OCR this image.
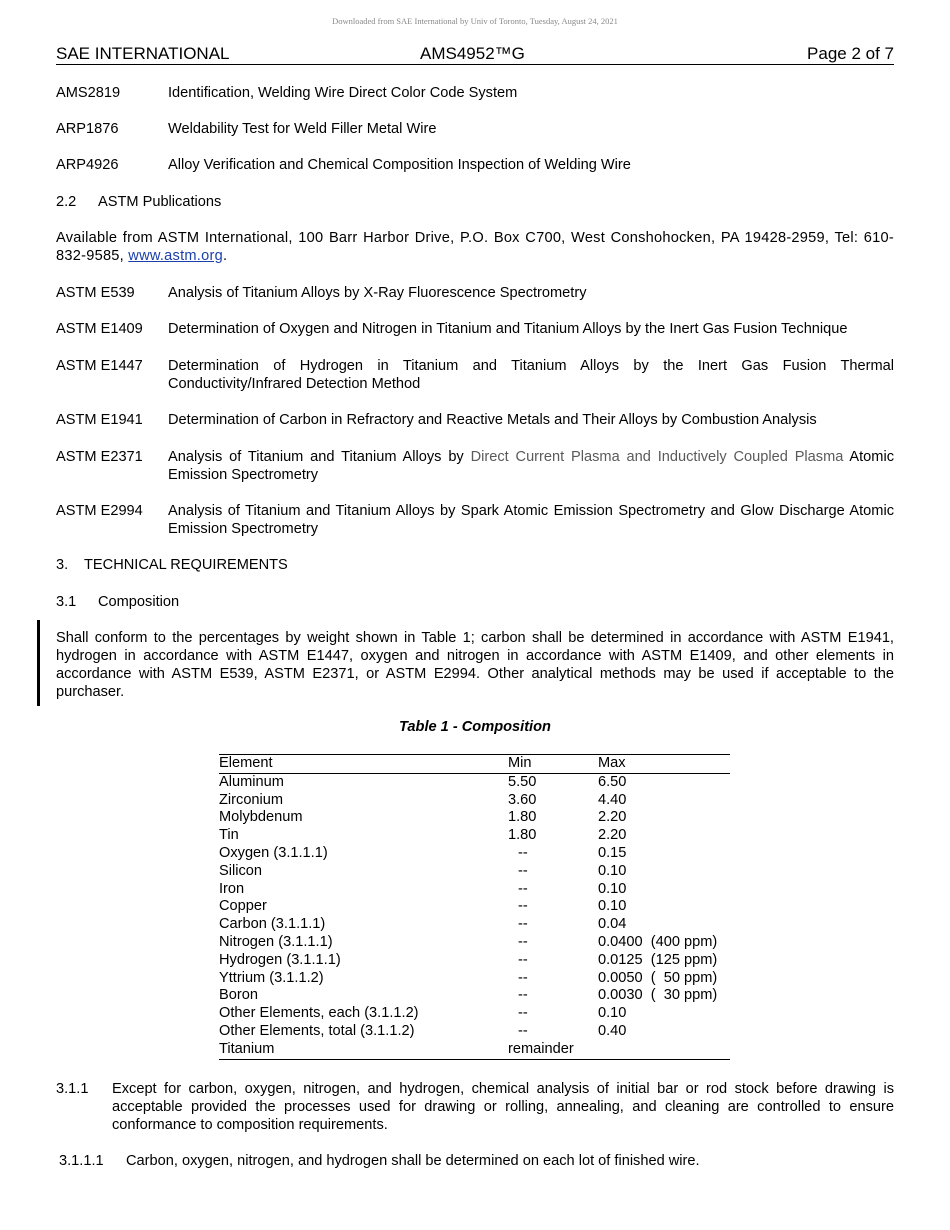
Downloaded from SAE International by Univ of Toronto, Tuesday, August 24, 2021
SAE INTERNATIONAL	AMS4952™G	Page 2 of 7
AMS2819	Identification, Welding Wire Direct Color Code System
ARP1876	Weldability Test for Weld Filler Metal Wire
ARP4926	Alloy Verification and Chemical Composition Inspection of Welding Wire
2.2 ASTM Publications
Available from ASTM International, 100 Barr Harbor Drive, P.O. Box C700, West Conshohocken, PA 19428-2959, Tel: 610-832-9585, www.astm.org.
ASTM E539 Analysis of Titanium Alloys by X-Ray Fluorescence Spectrometry
ASTM E1409 Determination of Oxygen and Nitrogen in Titanium and Titanium Alloys by the Inert Gas Fusion Technique
ASTM E1447 Determination of Hydrogen in Titanium and Titanium Alloys by the Inert Gas Fusion Thermal
Conductivity/Infrared Detection Method
ASTM E1941 Determination of Carbon in Refractory and Reactive Metals and Their Alloys by Combustion Analysis
ASTM E2371 Analysis of Titanium and Titanium Alloys by Direct Current Plasma and Inductively Coupled Plasma Atomic Emission Spectrometry
ASTM E2994 Analysis of Titanium and Titanium Alloys by Spark Atomic Emission Spectrometry and Glow Discharge Atomic Emission Spectrometry
3. TECHNICAL REQUIREMENTS
3.1 Composition
Shall conform to the percentages by weight shown in Table 1; carbon shall be determined in accordance with ASTM E1941, hydrogen in accordance with ASTM E1447, oxygen and nitrogen in accordance with ASTM E1409, and other elements in accordance with ASTM E539, ASTM E2371, or ASTM E2994. Other analytical methods may be used if acceptable to the purchaser.
Table 1 - Composition
Element	Min	Max
Aluminum	5.50	6.50
Zirconium	3.60	4.40
Molybdenum	1.80	2.20
Tin	1.80	2.20
Oxygen (3.1.1.1)	--	0.15
Silicon	--	0.10
Iron	--	0.10
Copper	--	0.10
Carbon (3.1.1.1)	--	0.04
Nitrogen (3.1.1.1)	--	0.0400  (400 ppm)
Hydrogen (3.1.1.1)	--	0.0125  (125 ppm)
Yttrium (3.1.1.2)	--	0.0050  (  50 ppm)
Boron	--	0.0030  (  30 ppm)
Other Elements, each (3.1.1.2)	--	0.10
Other Elements, total (3.1.1.2)	--	0.40
Titanium	remainder	
3.1.1 Except for carbon, oxygen, nitrogen, and hydrogen, chemical analysis of initial bar or rod stock before drawing is acceptable provided the processes used for drawing or rolling, annealing, and cleaning are controlled to ensure conformance to composition requirements.
3.1.1.1 Carbon, oxygen, nitrogen, and hydrogen shall be determined on each lot of finished wire.
